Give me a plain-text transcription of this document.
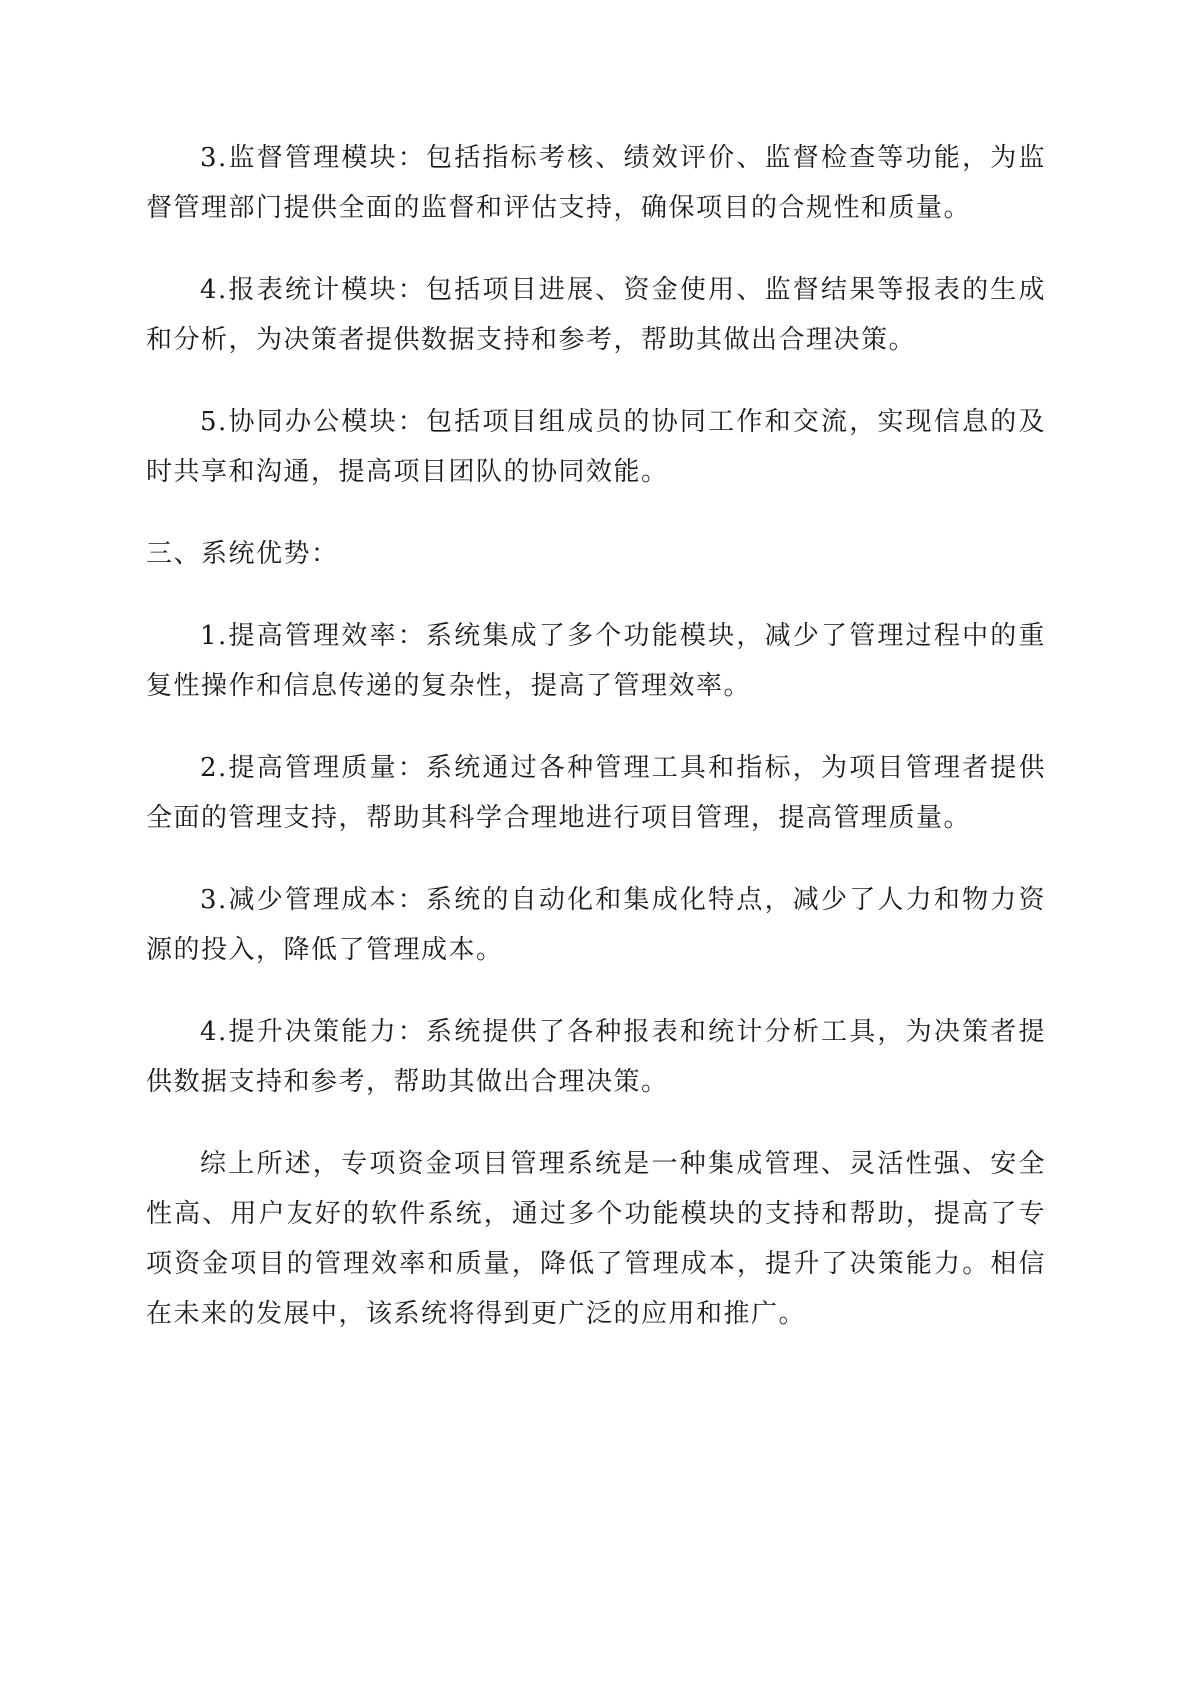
3.监督管理模块：包括指标考核、绩效评价、监督检查等功能，为监督管理部门提供全面的监督和评估支持，确保项目的合规性和质量。

4.报表统计模块：包括项目进展、资金使用、监督结果等报表的生成和分析，为决策者提供数据支持和参考，帮助其做出合理决策。

5.协同办公模块：包括项目组成员的协同工作和交流，实现信息的及时共享和沟通，提高项目团队的协同效能。

三、系统优势：

1.提高管理效率：系统集成了多个功能模块，减少了管理过程中的重复性操作和信息传递的复杂性，提高了管理效率。

2.提高管理质量：系统通过各种管理工具和指标，为项目管理者提供全面的管理支持，帮助其科学合理地进行项目管理，提高管理质量。

3.减少管理成本：系统的自动化和集成化特点，减少了人力和物力资源的投入，降低了管理成本。

4.提升决策能力：系统提供了各种报表和统计分析工具，为决策者提供数据支持和参考，帮助其做出合理决策。

综上所述，专项资金项目管理系统是一种集成管理、灵活性强、安全性高、用户友好的软件系统，通过多个功能模块的支持和帮助，提高了专项资金项目的管理效率和质量，降低了管理成本，提升了决策能力。相信在未来的发展中，该系统将得到更广泛的应用和推广。
